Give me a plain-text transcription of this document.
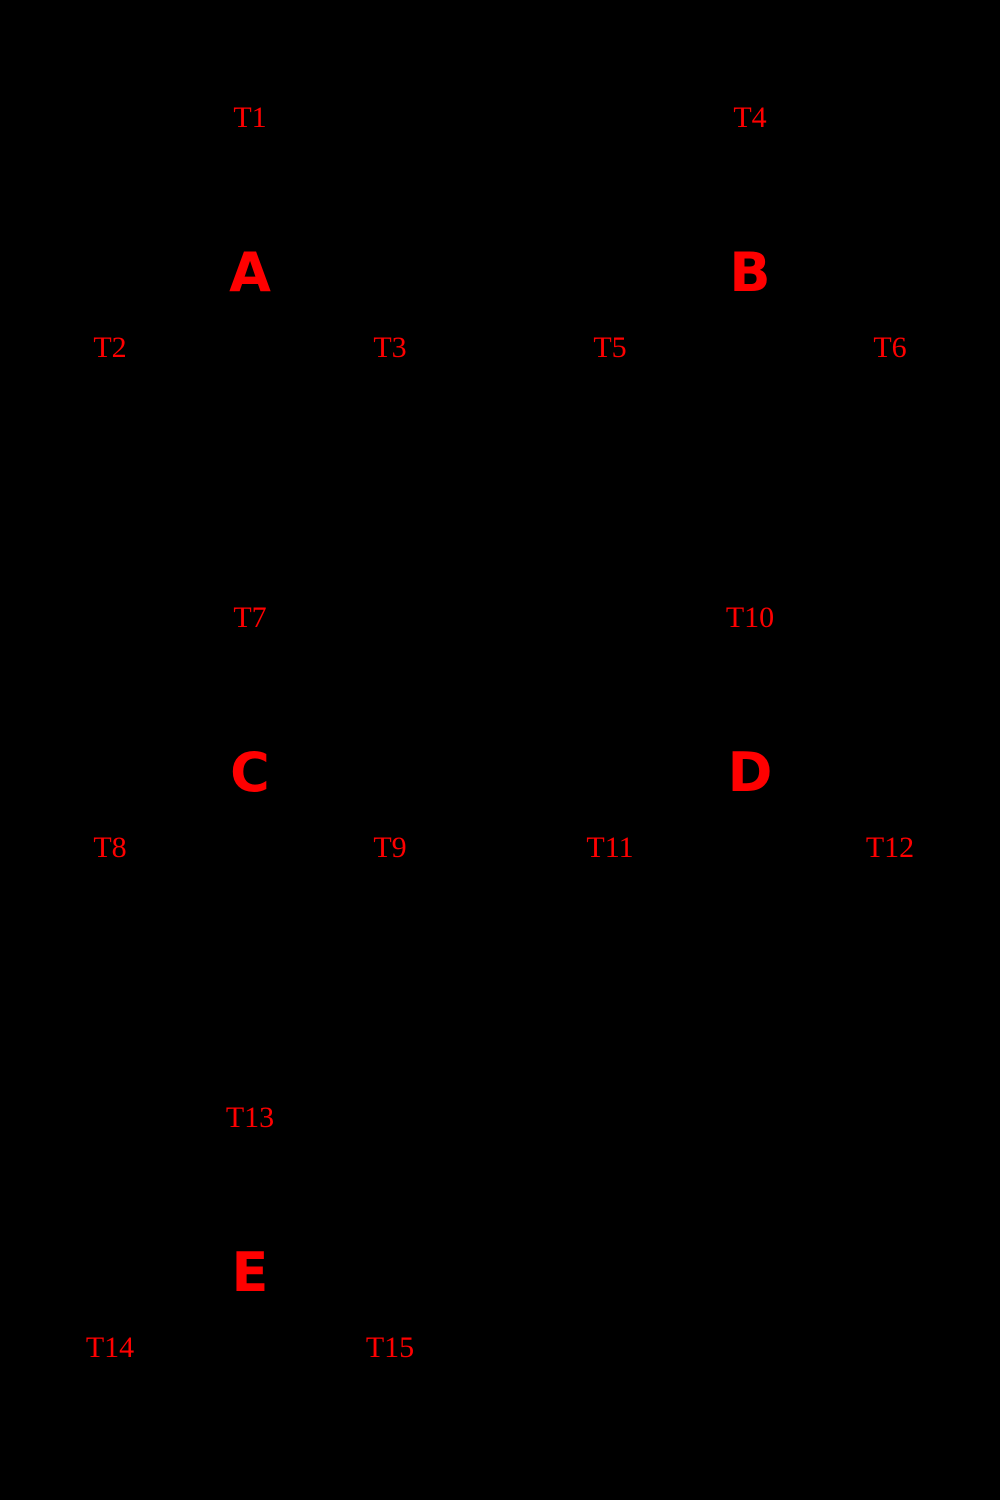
A	B
C	D
E
T1
T2	T3
T4
T5	T6
T7
T8	T9
T10
T11	T12
T13
T14	T15
